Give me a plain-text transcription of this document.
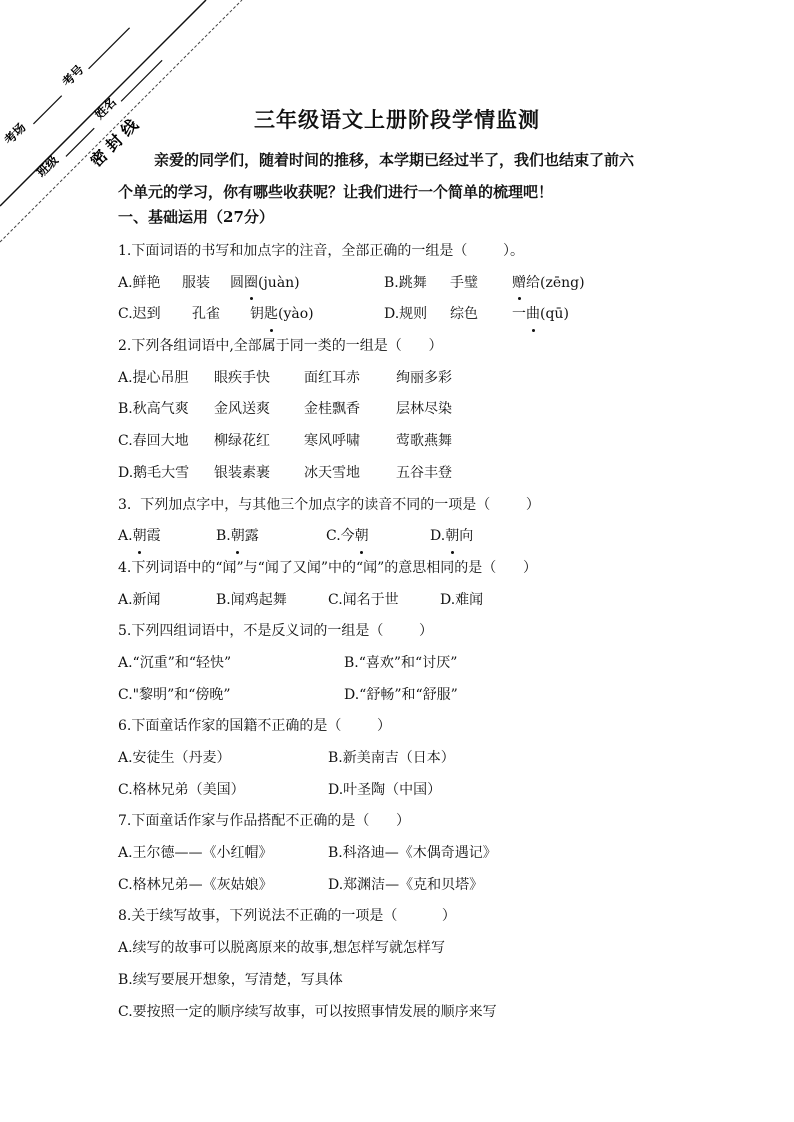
考场
考号
班级
姓名
密 封 线	三年级语文上册阶段学情监测
亲爱的同学们，随着时间的推移，本学期已经过半了，我们也结束了前六
个单元的学习，你有哪些收获呢？让我们进行一个简单的梳理吧！
一、基础运用（27分）
1.下面词语的书写和加点字的注音，全部正确的一组是（        ）。
A.鲜艳 服装 圆圈(juàn)	B.跳舞 手璧 赠给(zēng)
C.迟到 孔雀 钥匙(yào)	D.规则 综色 一曲(qū)
2.下列各组词语中,全部属于同一类的一组是（      ）
A.提心吊胆 眼疾手快 面红耳赤	绚丽多彩
B.秋高气爽 金风送爽 金桂飘香	层林尽染
C.春回大地 柳绿花红 寒风呼啸	莺歌燕舞
D.鹅毛大雪 银装素裹 冰天雪地	五谷丰登
3.  下列加点字中，与其他三个加点字的读音不同的一项是（        ）
A.朝霞	B.朝露	C.今朝	D.朝向
4.下列词语中的“闻”与“闻了又闻”中的“闻”的意思相同的是（      ）
A.新闻	B.闻鸡起舞	C.闻名于世	D.难闻
5.下列四组词语中，不是反义词的一组是（        ）
A.“沉重”和“轻快”	B.“喜欢”和“讨厌”
C."黎明”和“傍晚”	D.“舒畅”和“舒服”
6.下面童话作家的国籍不正确的是（        ）
A.安徒生（丹麦）	B.新美南吉（日本）
C.格林兄弟（美国）	D.叶圣陶（中国）
7.下面童话作家与作品搭配不正确的是（      ）
A.王尔德——《小红帽》	B.科洛迪—《木偶奇遇记》
C.格林兄弟—《灰姑娘》	D.郑渊洁—《克和贝塔》
8.关于续写故事，下列说法不正确的一项是（          ）
A.续写的故事可以脱离原来的故事,想怎样写就怎样写
B.续写要展开想象，写清楚，写具体
C.要按照一定的顺序续写故事，可以按照事情发展的顺序来写
